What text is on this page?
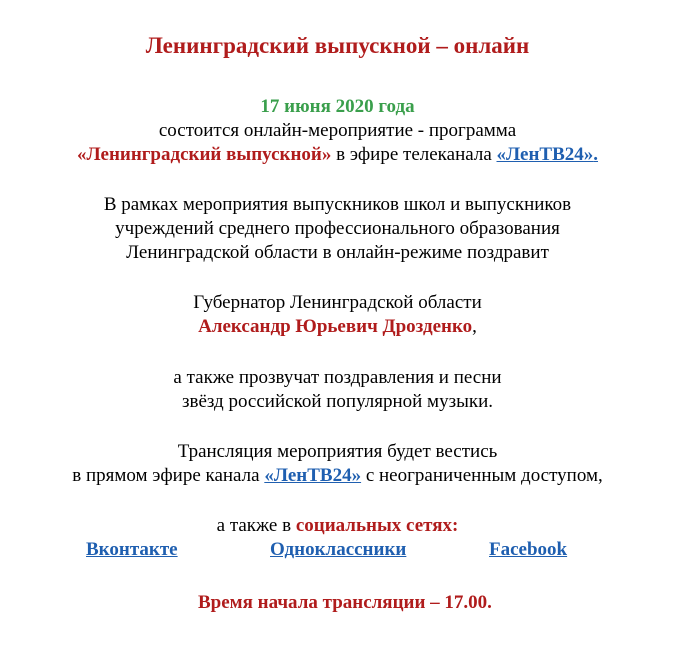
Ленинградский выпускной – онлайн
17 июня 2020 года
состоится онлайн-мероприятие - программа
«Ленинградский выпускной» в эфире телеканала «ЛенТВ24».
В рамках мероприятия выпускников школ и выпускников
учреждений среднего профессионального образования
Ленинградской области в онлайн-режиме поздравит
Губернатор Ленинградской области
Александр Юрьевич Дрозденко,
а также прозвучат поздравления и песни
звёзд российской популярной музыки.
Трансляция мероприятия будет вестись
в прямом эфире канала «ЛенТВ24» с неограниченным доступом,
а также в социальных сетях:
Вконтакте	Одноклассники	Facebook
Время начала трансляции – 17.00.
